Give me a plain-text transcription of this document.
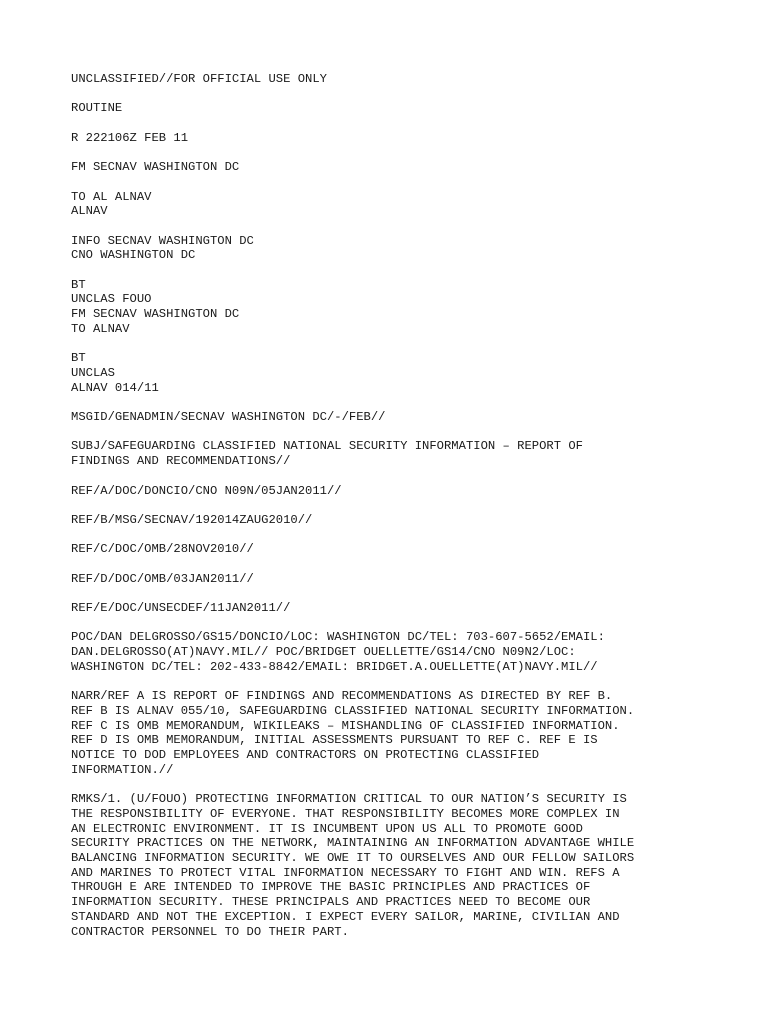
UNCLASSIFIED//FOR OFFICIAL USE ONLY
ROUTINE
R 222106Z FEB 11
FM SECNAV WASHINGTON DC
TO AL ALNAV
ALNAV
INFO SECNAV WASHINGTON DC
CNO WASHINGTON DC
BT
UNCLAS FOUO
FM SECNAV WASHINGTON DC
TO ALNAV
BT
UNCLAS
ALNAV 014/11
MSGID/GENADMIN/SECNAV WASHINGTON DC/-/FEB//
SUBJ/SAFEGUARDING CLASSIFIED NATIONAL SECURITY INFORMATION – REPORT OF
FINDINGS AND RECOMMENDATIONS//
REF/A/DOC/DONCIO/CNO N09N/05JAN2011//
REF/B/MSG/SECNAV/192014ZAUG2010//
REF/C/DOC/OMB/28NOV2010//
REF/D/DOC/OMB/03JAN2011//
REF/E/DOC/UNSECDEF/11JAN2011//
POC/DAN DELGROSSO/GS15/DONCIO/LOC: WASHINGTON DC/TEL: 703-607-5652/EMAIL:
DAN.DELGROSSO(AT)NAVY.MIL// POC/BRIDGET OUELLETTE/GS14/CNO N09N2/LOC:
WASHINGTON DC/TEL: 202-433-8842/EMAIL: BRIDGET.A.OUELLETTE(AT)NAVY.MIL//
NARR/REF A IS REPORT OF FINDINGS AND RECOMMENDATIONS AS DIRECTED BY REF B.
REF B IS ALNAV 055/10, SAFEGUARDING CLASSIFIED NATIONAL SECURITY INFORMATION.
REF C IS OMB MEMORANDUM, WIKILEAKS – MISHANDLING OF CLASSIFIED INFORMATION.
REF D IS OMB MEMORANDUM, INITIAL ASSESSMENTS PURSUANT TO REF C. REF E IS
NOTICE TO DOD EMPLOYEES AND CONTRACTORS ON PROTECTING CLASSIFIED
INFORMATION.//
RMKS/1. (U/FOUO) PROTECTING INFORMATION CRITICAL TO OUR NATION’S SECURITY IS
THE RESPONSIBILITY OF EVERYONE. THAT RESPONSIBILITY BECOMES MORE COMPLEX IN
AN ELECTRONIC ENVIRONMENT. IT IS INCUMBENT UPON US ALL TO PROMOTE GOOD
SECURITY PRACTICES ON THE NETWORK, MAINTAINING AN INFORMATION ADVANTAGE WHILE
BALANCING INFORMATION SECURITY. WE OWE IT TO OURSELVES AND OUR FELLOW SAILORS
AND MARINES TO PROTECT VITAL INFORMATION NECESSARY TO FIGHT AND WIN. REFS A
THROUGH E ARE INTENDED TO IMPROVE THE BASIC PRINCIPLES AND PRACTICES OF
INFORMATION SECURITY. THESE PRINCIPALS AND PRACTICES NEED TO BECOME OUR
STANDARD AND NOT THE EXCEPTION. I EXPECT EVERY SAILOR, MARINE, CIVILIAN AND
CONTRACTOR PERSONNEL TO DO THEIR PART.
